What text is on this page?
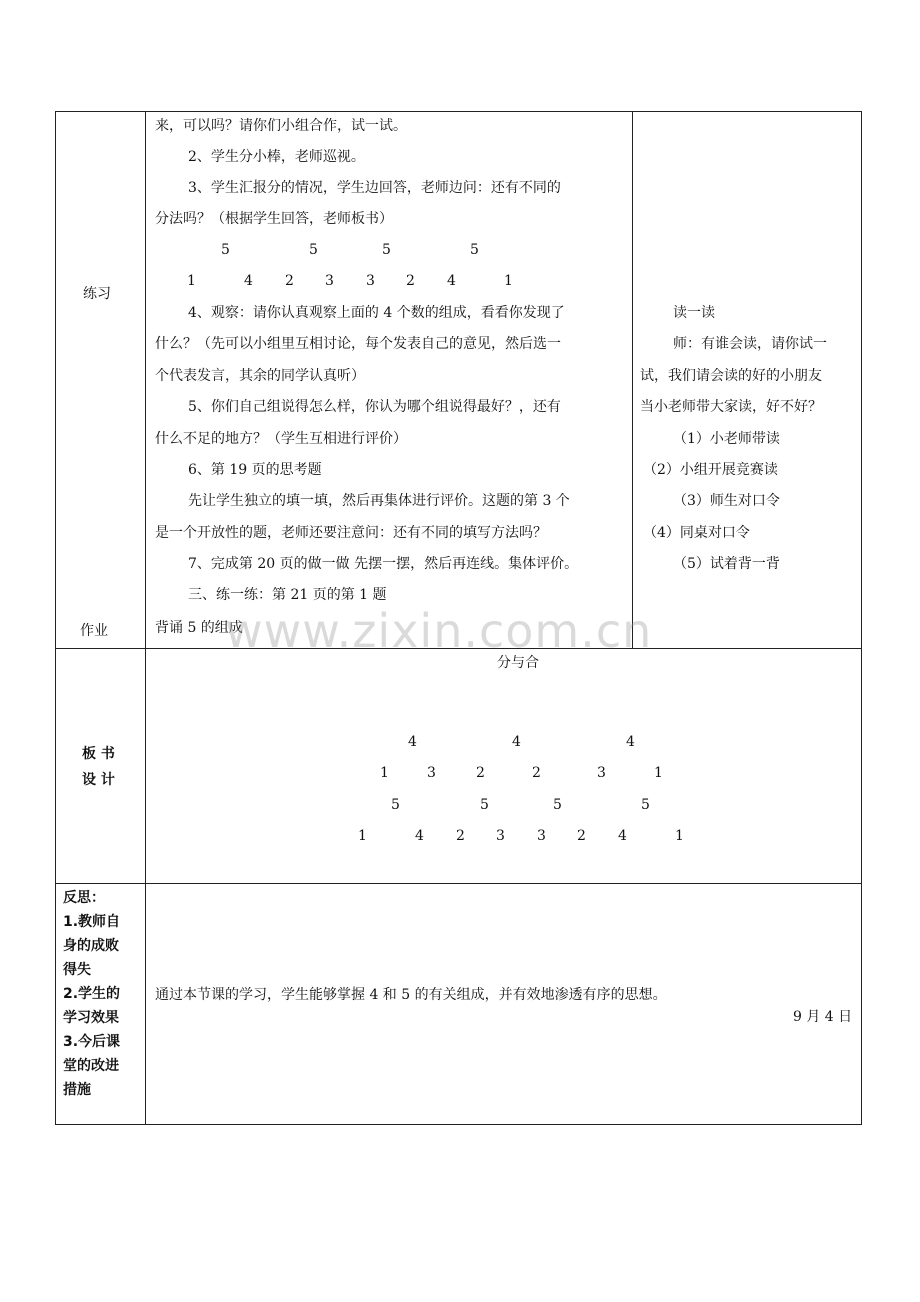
练习
作业
来，可以吗？请你们小组合作，试一试。
2、学生分小棒，老师巡视。
3、学生汇报分的情况，学生边回答，老师边问：还有不同的
分法吗？（根据学生回答，老师板书）
5	5	5	5
1	4 2 3 3 2 4	1
4、观察：请你认真观察上面的 4 个数的组成，看看你发现了
什么？（先可以小组里互相讨论，每个发表自己的意见，然后选一
个代表发言，其余的同学认真听）
5、你们自己组说得怎么样，你认为哪个组说得最好？，还有
什么不足的地方？（学生互相进行评价）
6、第 19 页的思考题
先让学生独立的填一填，然后再集体进行评价。这题的第 3 个
是一个开放性的题，老师还要注意问：还有不同的填写方法吗？
7、完成第 20 页的做一做 先摆一摆，然后再连线。集体评价。
三、练一练：第 21 页的第 1 题
背诵 5 的组成
读一读
师：有谁会读，请你试一
试，我们请会读的好的小朋友
当小老师带大家读，好不好？
（1）小老师带读
（2）小组开展竞赛读
（3）师生对口令
（4）同桌对口令
（5）试着背一背
板 书
设 计
分与合
4	4	4
1	3	2	2	3	1
5	5	5	5
1	4 2 3 3 2 4	1
反思：
1.教师自
身的成败
得失
2.学生的
学习效果
3.今后课
堂的改进
措施
通过本节课的学习，学生能够掌握 4 和 5 的有关组成，并有效地渗透有序的思想。
9 月 4 日
www.zixin.com.cn
